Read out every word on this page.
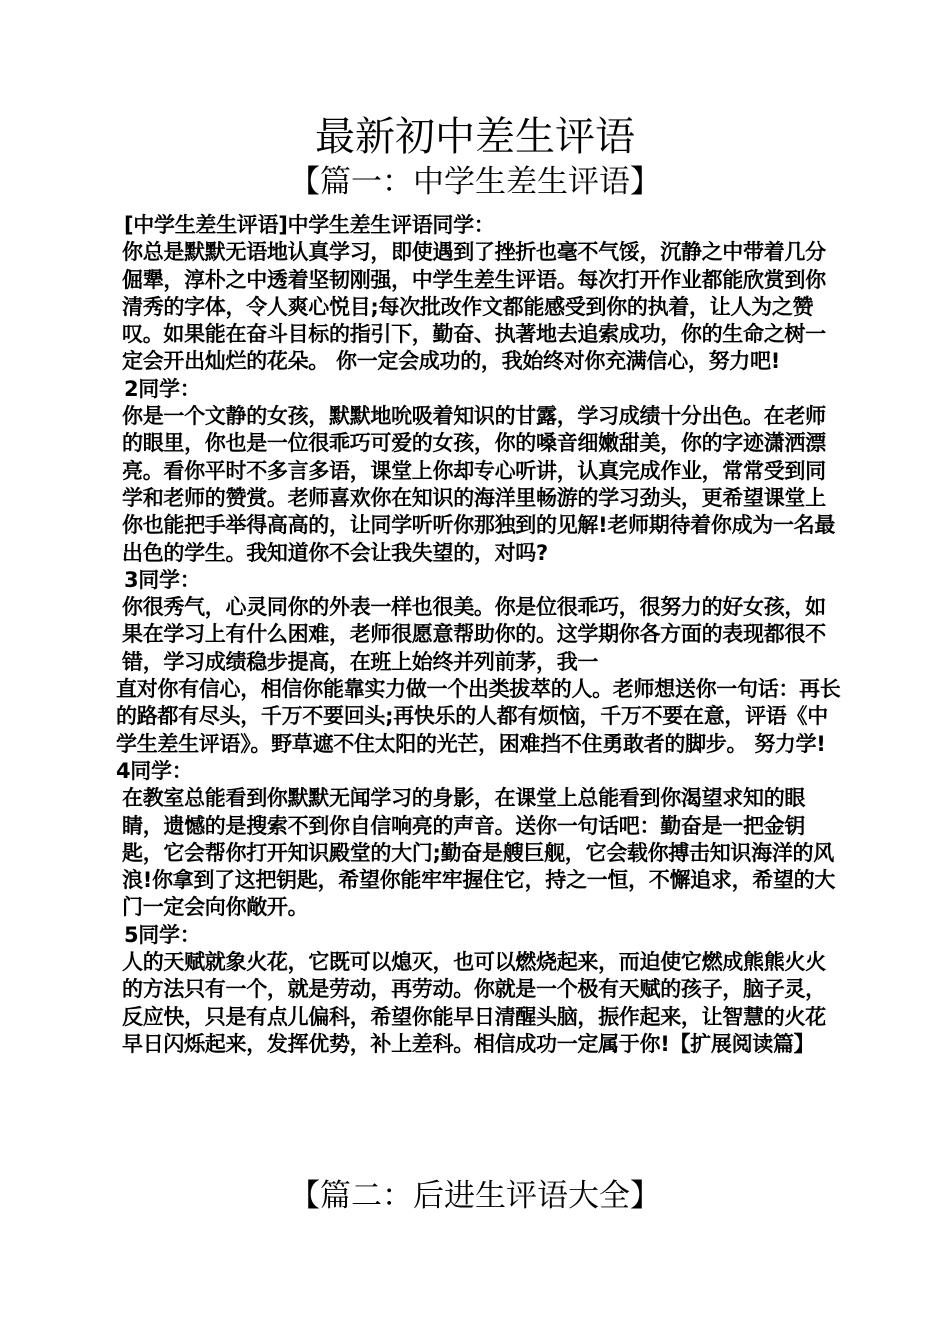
最新初中差生评语
【篇一：中学生差生评语】

[中学生差生评语]中学生差生评语同学：

你总是默默无语地认真学习，即使遇到了挫折也毫不气馁，沉静之中带着几分倔犟，淳朴之中透着坚韧刚强，中学生差生评语。每次打开作业都能欣赏到你清秀的字体，令人爽心悦目;每次批改作文都能感受到你的执着，让人为之赞叹。如果能在奋斗目标的指引下，勤奋、执著地去追索成功，你的生命之树一定会开出灿烂的花朵。 你一定会成功的，我始终对你充满信心，努力吧!

2同学：

你是一个文静的女孩，默默地吮吸着知识的甘露，学习成绩十分出色。在老师的眼里，你也是一位很乖巧可爱的女孩，你的嗓音细嫩甜美，你的字迹潇洒漂亮。看你平时不多言多语，课堂上你却专心听讲，认真完成作业，常常受到同学和老师的赞赏。老师喜欢你在知识的海洋里畅游的学习劲头，更希望课堂上你也能把手举得高高的，让同学听听你那独到的见解!老师期待着你成为一名最出色的学生。我知道你不会让我失望的，对吗?

3同学：

你很秀气，心灵同你的外表一样也很美。你是位很乖巧，很努力的好女孩，如果在学习上有什么困难，老师很愿意帮助你的。这学期你各方面的表现都很不错，学习成绩稳步提高，在班上始终并列前茅，我一

直对你有信心，相信你能靠实力做一个出类拔萃的人。老师想送你一句话：再长的路都有尽头，千万不要回头;再快乐的人都有烦恼，千万不要在意，评语《中学生差生评语》。野草遮不住太阳的光芒，困难挡不住勇敢者的脚步。 努力学! 4同学：

在教室总能看到你默默无闻学习的身影，在课堂上总能看到你渴望求知的眼睛，遗憾的是搜索不到你自信响亮的声音。送你一句话吧：勤奋是一把金钥匙，它会帮你打开知识殿堂的大门;勤奋是艘巨舰，它会载你搏击知识海洋的风浪!你拿到了这把钥匙，希望你能牢牢握住它，持之一恒，不懈追求，希望的大门一定会向你敞开。

5同学：

人的天赋就象火花，它既可以熄灭，也可以燃烧起来，而迫使它燃成熊熊火火的方法只有一个，就是劳动，再劳动。你就是一个极有天赋的孩子，脑子灵，反应快，只是有点儿偏科，希望你能早日清醒头脑，振作起来，让智慧的火花早日闪烁起来，发挥优势，补上差科。相信成功一定属于你!【扩展阅读篇】

【篇二：后进生评语大全】
